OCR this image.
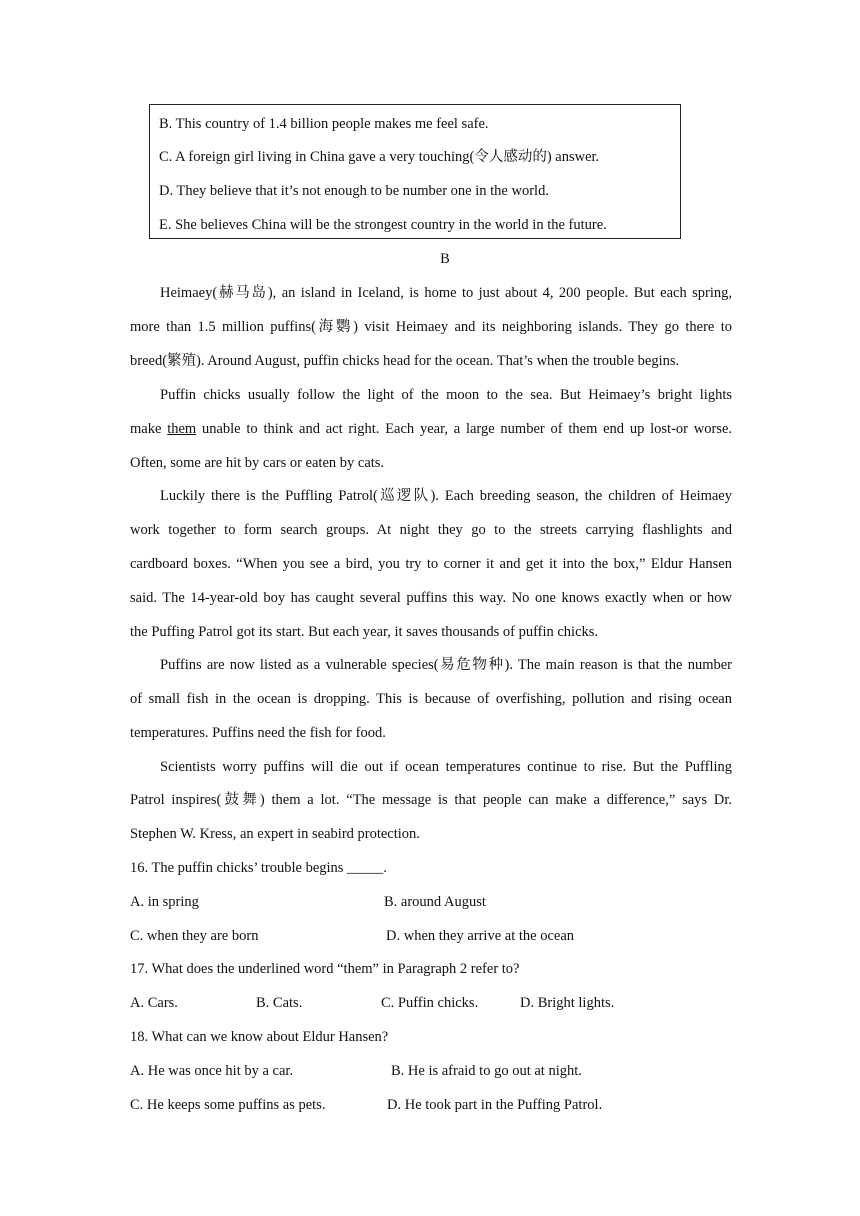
B. This country of 1.4 billion people makes me feel safe.
C. A foreign girl living in China gave a very touching(令人感动的) answer.
D. They believe that it’s not enough to be number one in the world.
E. She believes China will be the strongest country in the world in the future.
B
Heimaey(赫马岛), an island in Iceland, is home to just about 4, 200 people. But each spring,
more than 1.5 million puffins(海鹦) visit Heimaey and its neighboring islands. They go there to
breed(繁殖). Around August, puffin chicks head for the ocean. That’s when the trouble begins.
Puffin chicks usually follow the light of the moon to the sea. But Heimaey’s bright lights
make them unable to think and act right. Each year, a large number of them end up lost-or worse.
Often, some are hit by cars or eaten by cats.
Luckily there is the Puffling Patrol(巡逻队). Each breeding season, the children of Heimaey
work together to form search groups. At night they go to the streets carrying flashlights and
cardboard boxes. “When you see a bird, you try to corner it and get it into the box,” Eldur Hansen
said. The 14-year-old boy has caught several puffins this way. No one knows exactly when or how
the Puffing Patrol got its start. But each year, it saves thousands of puffin chicks.
Puffins are now listed as a vulnerable species(易危物种). The main reason is that the number
of small fish in the ocean is dropping. This is because of overfishing, pollution and rising ocean
temperatures. Puffins need the fish for food.
Scientists worry puffins will die out if ocean temperatures continue to rise. But the Puffling
Patrol inspires(鼓舞) them a lot. “The message is that people can make a difference,” says Dr.
Stephen W. Kress, an expert in seabird protection.
16. The puffin chicks’ trouble begins _____.
A. in spring	B. around August
C. when they are born	D. when they arrive at the ocean
17. What does the underlined word “them” in Paragraph 2 refer to?
A. Cars.	B. Cats.	C. Puffin chicks.	D. Bright lights.
18. What can we know about Eldur Hansen?
A. He was once hit by a car.	B. He is afraid to go out at night.
C. He keeps some puffins as pets.	D. He took part in the Puffing Patrol.
